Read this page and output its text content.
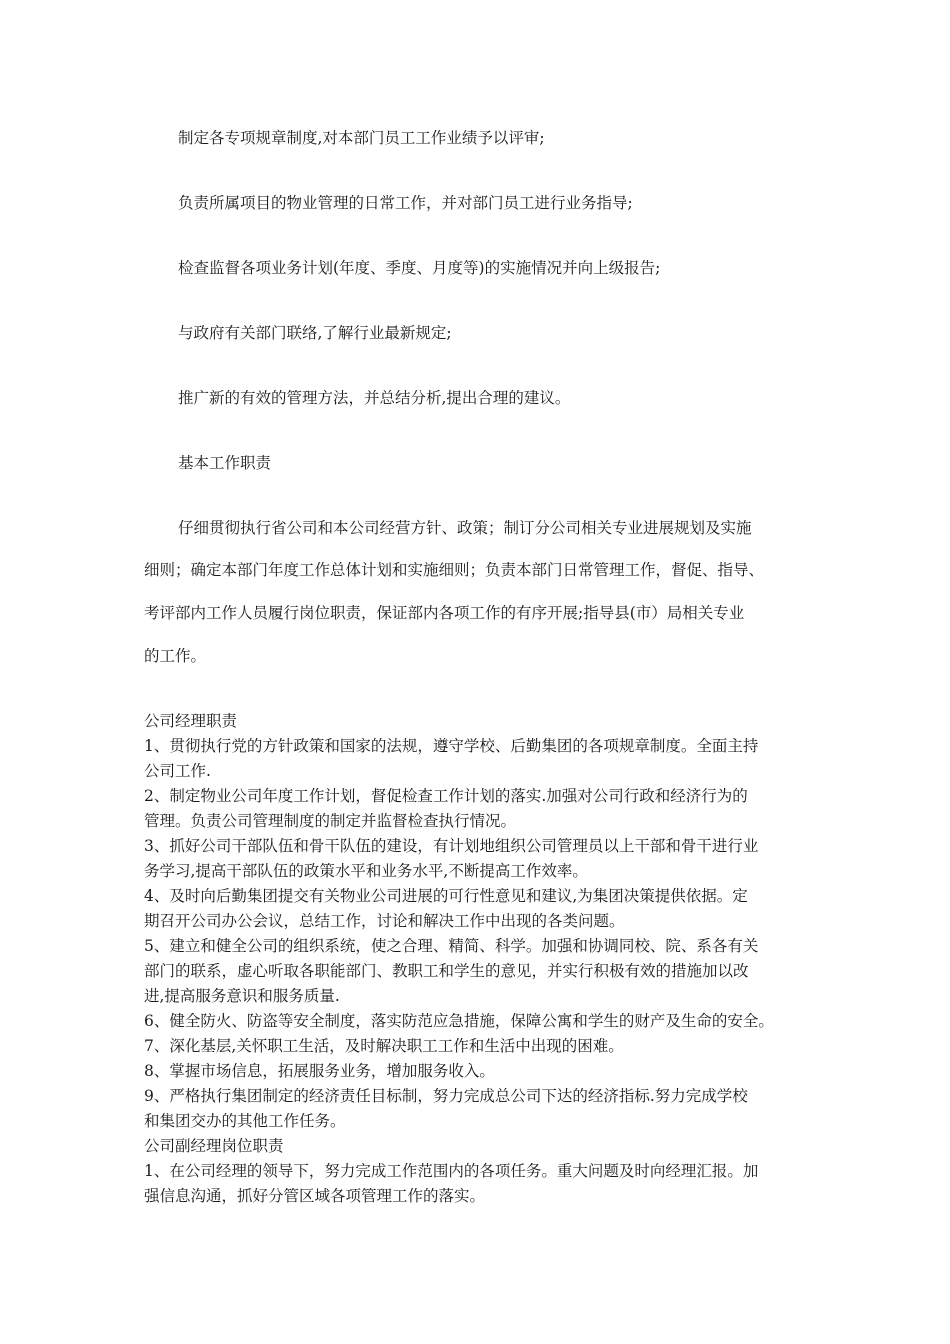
制定各专项规章制度,对本部门员工工作业绩予以评审;

负责所属项目的物业管理的日常工作，并对部门员工进行业务指导;

检查监督各项业务计划(年度、季度、月度等)的实施情况并向上级报告;

与政府有关部门联络,了解行业最新规定;

推广新的有效的管理方法，并总结分析,提出合理的建议。

基本工作职责

仔细贯彻执行省公司和本公司经营方针、政策；制订分公司相关专业进展规划及实施

细则；确定本部门年度工作总体计划和实施细则；负责本部门日常管理工作，督促、指导、

考评部内工作人员履行岗位职责，保证部内各项工作的有序开展;指导县(市）局相关专业

的工作。

公司经理职责

1、贯彻执行党的方针政策和国家的法规，遵守学校、后勤集团的各项规章制度。全面主持

公司工作.

2、制定物业公司年度工作计划，督促检查工作计划的落实.加强对公司行政和经济行为的

管理。负责公司管理制度的制定并监督检查执行情况。

3、抓好公司干部队伍和骨干队伍的建设，有计划地组织公司管理员以上干部和骨干进行业

务学习,提高干部队伍的政策水平和业务水平,不断提高工作效率。

4、及时向后勤集团提交有关物业公司进展的可行性意见和建议,为集团决策提供依据。定

期召开公司办公会议，总结工作，讨论和解决工作中出现的各类问题。

5、建立和健全公司的组织系统，使之合理、精简、科学。加强和协调同校、院、系各有关

部门的联系，虚心听取各职能部门、教职工和学生的意见，并实行积极有效的措施加以改

进,提高服务意识和服务质量.

6、健全防火、防盗等安全制度，落实防范应急措施，保障公寓和学生的财产及生命的安全。

7、深化基层,关怀职工生活，及时解决职工工作和生活中出现的困难。

8、掌握市场信息，拓展服务业务，增加服务收入。

9、严格执行集团制定的经济责任目标制，努力完成总公司下达的经济指标.努力完成学校

和集团交办的其他工作任务。

公司副经理岗位职责

1、在公司经理的领导下，努力完成工作范围内的各项任务。重大问题及时向经理汇报。加

强信息沟通，抓好分管区域各项管理工作的落实。
